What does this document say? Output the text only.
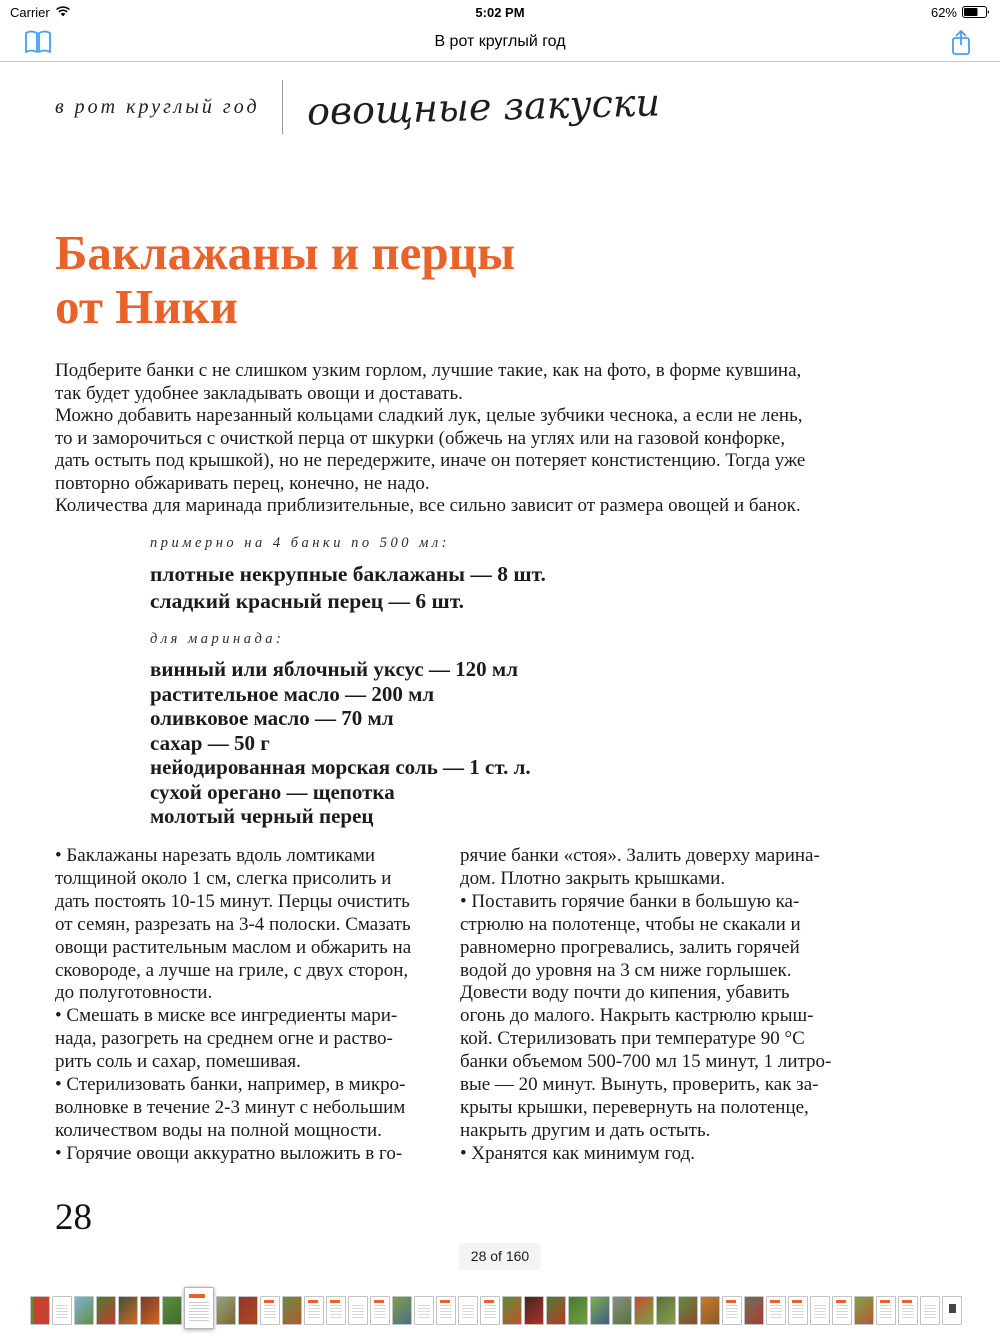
5:02 PM
Carrier	62%
В рот круглый год
в рот круглый год овощные закуски
Баклажаны и перцы
от Ники
Подберите банки с не слишком узким горлом, лучшие такие, как на фото, в форме кувшина,
так будет удобнее закладывать овощи и доставать.
Можно добавить нарезанный кольцами сладкий лук, целые зубчики чеснока, а если не лень,
то и заморочиться с очисткой перца от шкурки (обжечь на углях или на газовой конфорке,
дать остыть под крышкой), но не передержите, иначе он потеряет констистенцию. Тогда уже
повторно обжаривать перец, конечно, не надо.
Количества для маринада приблизительные, все сильно зависит от размера овощей и банок.
примерно на 4 банки по 500 мл:
плотные некрупные баклажаны — 8 шт.
сладкий красный перец — 6 шт.
для маринада:
винный или яблочный уксус — 120 мл
растительное масло — 200 мл
оливковое масло — 70 мл
сахар — 50 г
нейодированная морская соль — 1 ст. л.
сухой орегано — щепотка
молотый черный перец
• Баклажаны нарезать вдоль ломтиками
толщиной около 1 см, слегка присолить и
дать постоять 10-15 минут. Перцы очистить
от семян, разрезать на 3-4 полоски. Смазать
овощи растительным маслом и обжарить на
сковороде, а лучше на гриле, с двух сторон,
до полуготовности.
• Смешать в миске все ингредиенты мари-
нада, разогреть на среднем огне и раство-
рить соль и сахар, помешивая.
• Стерилизовать банки, например, в микро-
волновке в течение 2-3 минут с небольшим
количеством воды на полной мощности.
• Горячие овощи аккуратно выложить в го-
рячие банки «стоя». Залить доверху марина-
дом. Плотно закрыть крышками.
• Поставить горячие банки в большую ка-
стрюлю на полотенце, чтобы не скакали и
равномерно прогревались, залить горячей
водой до уровня на 3 см ниже горлышек.
Довести воду почти до кипения, убавить
огонь до малого. Накрыть кастрюлю крыш-
кой. Стерилизовать при температуре 90 °С
банки объемом 500-700 мл 15 минут, 1 литро-
вые — 20 минут. Вынуть, проверить, как за-
крыты крышки, перевернуть на полотенце,
накрыть другим и дать остыть.
• Хранятся как минимум год.
28
28 of 160
